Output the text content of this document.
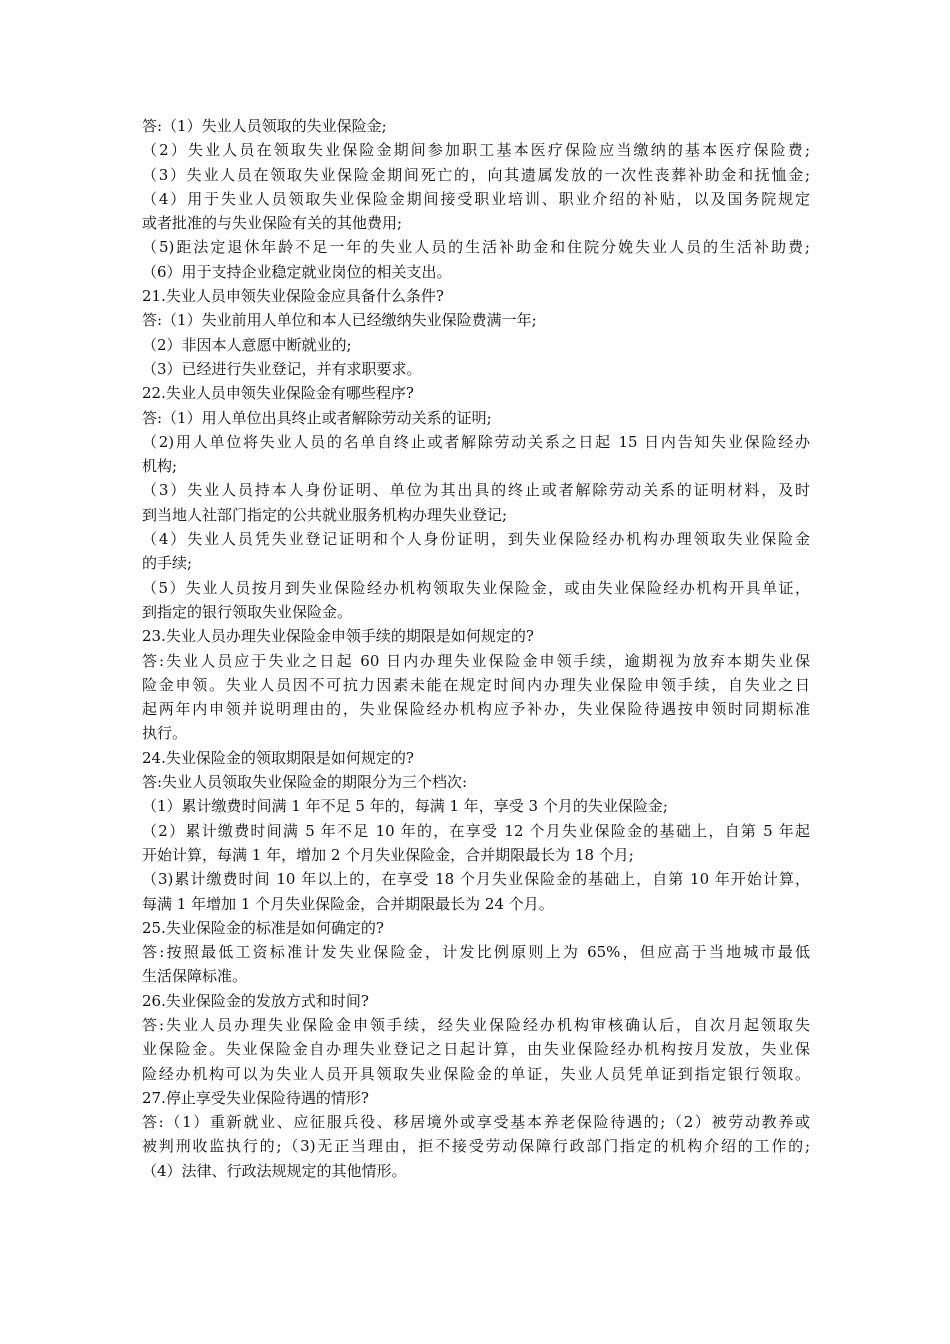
答:（1）失业人员领取的失业保险金;
（2）失业人员在领取失业保险金期间参加职工基本医疗保险应当缴纳的基本医疗保险费;
（3）失业人员在领取失业保险金期间死亡的，向其遗属发放的一次性丧葬补助金和抚恤金;
（4）用于失业人员领取失业保险金期间接受职业培训、职业介绍的补贴，以及国务院规定
或者批准的与失业保险有关的其他费用;
（5)距法定退休年龄不足一年的失业人员的生活补助金和住院分娩失业人员的生活补助费;
（6）用于支持企业稳定就业岗位的相关支出。
21.失业人员申领失业保险金应具备什么条件?
答:（1）失业前用人单位和本人已经缴纳失业保险费满一年;
（2）非因本人意愿中断就业的;
（3）已经进行失业登记，并有求职要求。
22.失业人员申领失业保险金有哪些程序?
答:（1）用人单位出具终止或者解除劳动关系的证明;
（2)用人单位将失业人员的名单自终止或者解除劳动关系之日起 15 日内告知失业保险经办
机构;
（3）失业人员持本人身份证明、单位为其出具的终止或者解除劳动关系的证明材料，及时
到当地人社部门指定的公共就业服务机构办理失业登记;
（4）失业人员凭失业登记证明和个人身份证明，到失业保险经办机构办理领取失业保险金
的手续;
（5）失业人员按月到失业保险经办机构领取失业保险金，或由失业保险经办机构开具单证，
到指定的银行领取失业保险金。
23.失业人员办理失业保险金申领手续的期限是如何规定的?
答:失业人员应于失业之日起 60 日内办理失业保险金申领手续，逾期视为放弃本期失业保
险金申领。失业人员因不可抗力因素未能在规定时间内办理失业保险申领手续，自失业之日
起两年内申领并说明理由的，失业保险经办机构应予补办，失业保险待遇按申领时同期标准
执行。
24.失业保险金的领取期限是如何规定的?
答:失业人员领取失业保险金的期限分为三个档次:
（1）累计缴费时间满 1 年不足 5 年的，每满 1 年，享受 3 个月的失业保险金;
（2）累计缴费时间满 5 年不足 10 年的，在享受 12 个月失业保险金的基础上，自第 5 年起
开始计算，每满 1 年，增加 2 个月失业保险金，合并期限最长为 18 个月;
（3)累计缴费时间 10 年以上的，在享受 18 个月失业保险金的基础上，自第 10 年开始计算，
每满 1 年增加 1 个月失业保险金，合并期限最长为 24 个月。
25.失业保险金的标准是如何确定的?
答:按照最低工资标准计发失业保险金，计发比例原则上为 65%，但应高于当地城市最低
生活保障标准。
26.失业保险金的发放方式和时间?
答:失业人员办理失业保险金申领手续，经失业保险经办机构审核确认后，自次月起领取失
业保险金。失业保险金自办理失业登记之日起计算，由失业保险经办机构按月发放，失业保
险经办机构可以为失业人员开具领取失业保险金的单证，失业人员凭单证到指定银行领取。
27.停止享受失业保险待遇的情形?
答:（1）重新就业、应征服兵役、移居境外或享受基本养老保险待遇的;（2）被劳动教养或
被判刑收监执行的;（3)无正当理由，拒不接受劳动保障行政部门指定的机构介绍的工作的;
（4）法律、行政法规规定的其他情形。
